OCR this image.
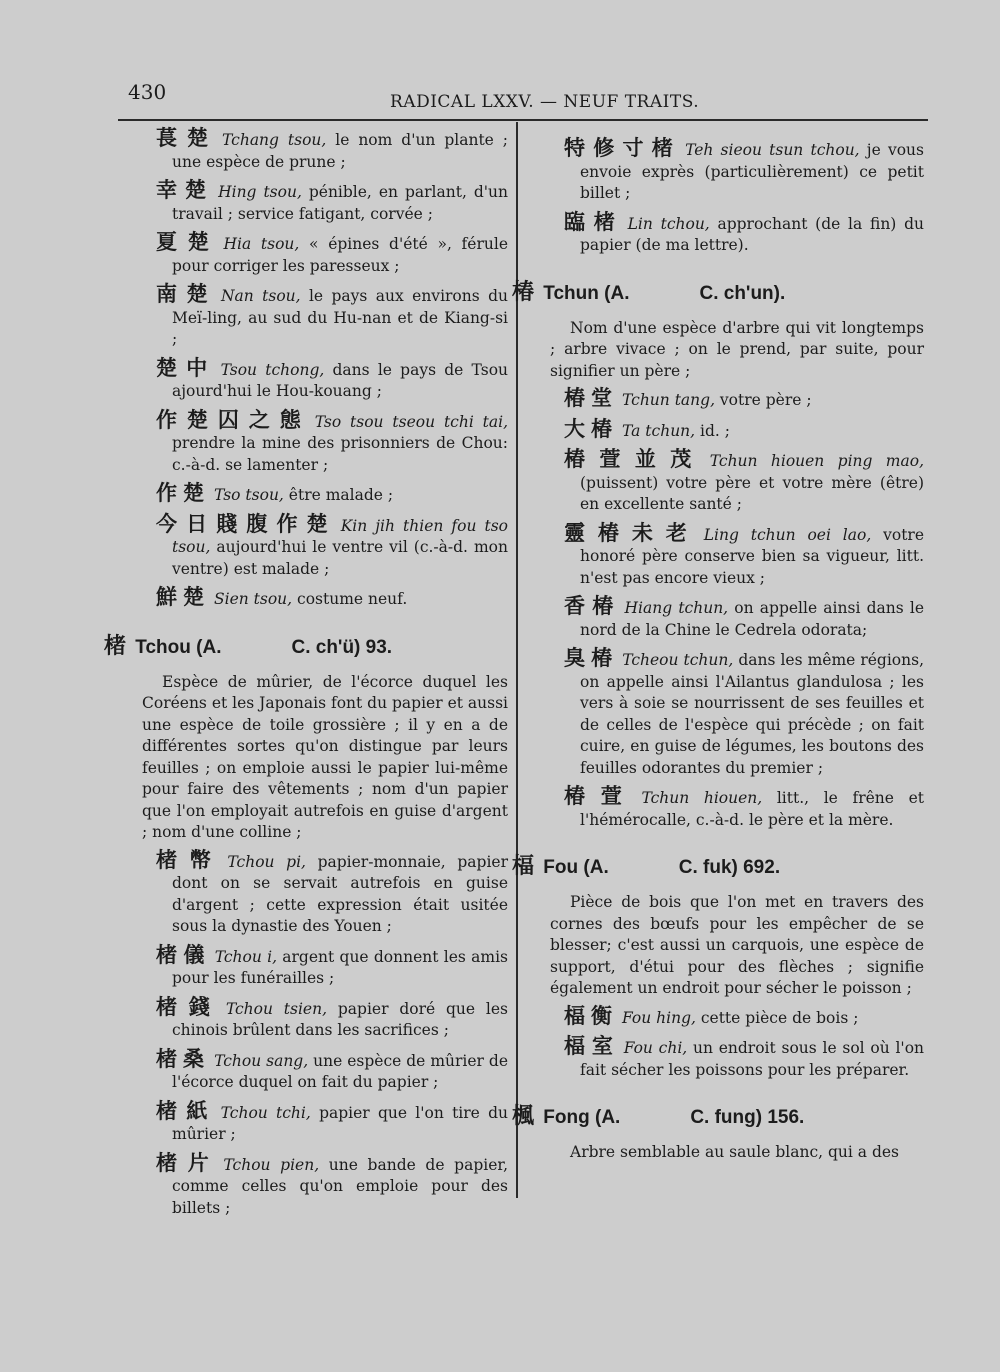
430	RADICAL LXXV. — NEUF TRAITS.
萇楚 Tchang tsou, le nom d'un plante ; une espèce de prune ;
幸楚 Hing tsou, pénible, en parlant, d'un travail ; service fatigant, corvée ;
夏楚 Hia tsou, « épines d'été », férule pour corriger les paresseux ;
南楚 Nan tsou, le pays aux environs du Meï-ling, au sud du Hu-nan et de Kiang-si ;
楚中 Tsou tchong, dans le pays de Tsou ajourd'hui le Hou-kouang ;
作楚囚之態 Tso tsou tseou tchi tai, prendre la mine des prisonniers de Chou: c.-à-d. se lamenter ;
作楚 Tso tsou, être malade ;
今日賤腹作楚 Kin jih thien fou tso tsou, aujourd'hui le ventre vil (c.-à-d. mon ventre) est malade ;
鮮楚 Sien tsou, costume neuf.
楮 Tchou (A.	C. ch'ü) 93.
Espèce de mûrier, de l'écorce duquel les Coréens et les Japonais font du papier et aussi une espèce de toile grossière ; il y en a de différentes sortes qu'on distingue par leurs feuilles ; on emploie aussi le papier lui-même pour faire des vêtements ; nom d'un papier que l'on employait autrefois en guise d'argent ; nom d'une colline ;
楮幣 Tchou pi, papier-monnaie, papier dont on se servait autrefois en guise d'argent ; cette expression était usitée sous la dynastie des Youen ;
楮儀 Tchou i, argent que donnent les amis pour les funérailles ;
楮錢 Tchou tsien, papier doré que les chinois brûlent dans les sacrifices ;
楮桑 Tchou sang, une espèce de mûrier de l'écorce duquel on fait du papier ;
楮紙 Tchou tchi, papier que l'on tire du mûrier ;
楮片 Tchou pien, une bande de papier, comme celles qu'on emploie pour des billets ;
特修寸楮 Teh sieou tsun tchou, je vous envoie exprès (particulièrement) ce petit billet ;
臨楮 Lin tchou, approchant (de la fin) du papier (de ma lettre).
椿 Tchun (A.	C. ch'un).
Nom d'une espèce d'arbre qui vit longtemps ; arbre vivace ; on le prend, par suite, pour signifier un père ;
椿堂 Tchun tang, votre père ;
大椿 Ta tchun, id. ;
椿萱並茂 Tchun hiouen ping mao, (puissent) votre père et votre mère (être) en excellente santé ;
靈椿未老 Ling tchun oei lao, votre honoré père conserve bien sa vigueur, litt. n'est pas encore vieux ;
香椿 Hiang tchun, on appelle ainsi dans le nord de la Chine le Cedrela odorata;
臭椿 Tcheou tchun, dans les même régions, on appelle ainsi l'Ailantus glandulosa ; les vers à soie se nourrissent de ses feuilles et de celles de l'espèce qui précède ; on fait cuire, en guise de légumes, les boutons des feuilles odorantes du premier ;
椿萱 Tchun hiouen, litt., le frêne et l'hémérocalle, c.-à-d. le père et la mère.
楅 Fou (A.	C. fuk) 692.
Pièce de bois que l'on met en travers des cornes des bœufs pour les empêcher de se blesser; c'est aussi un carquois, une espèce de support, d'étui pour des flèches ; signifie également un endroit pour sécher le poisson ;
楅衡 Fou hing, cette pièce de bois ;
楅室 Fou chi, un endroit sous le sol où l'on fait sécher les poissons pour les préparer.
楓 Fong (A.	C. fung) 156.
Arbre semblable au saule blanc, qui a des
